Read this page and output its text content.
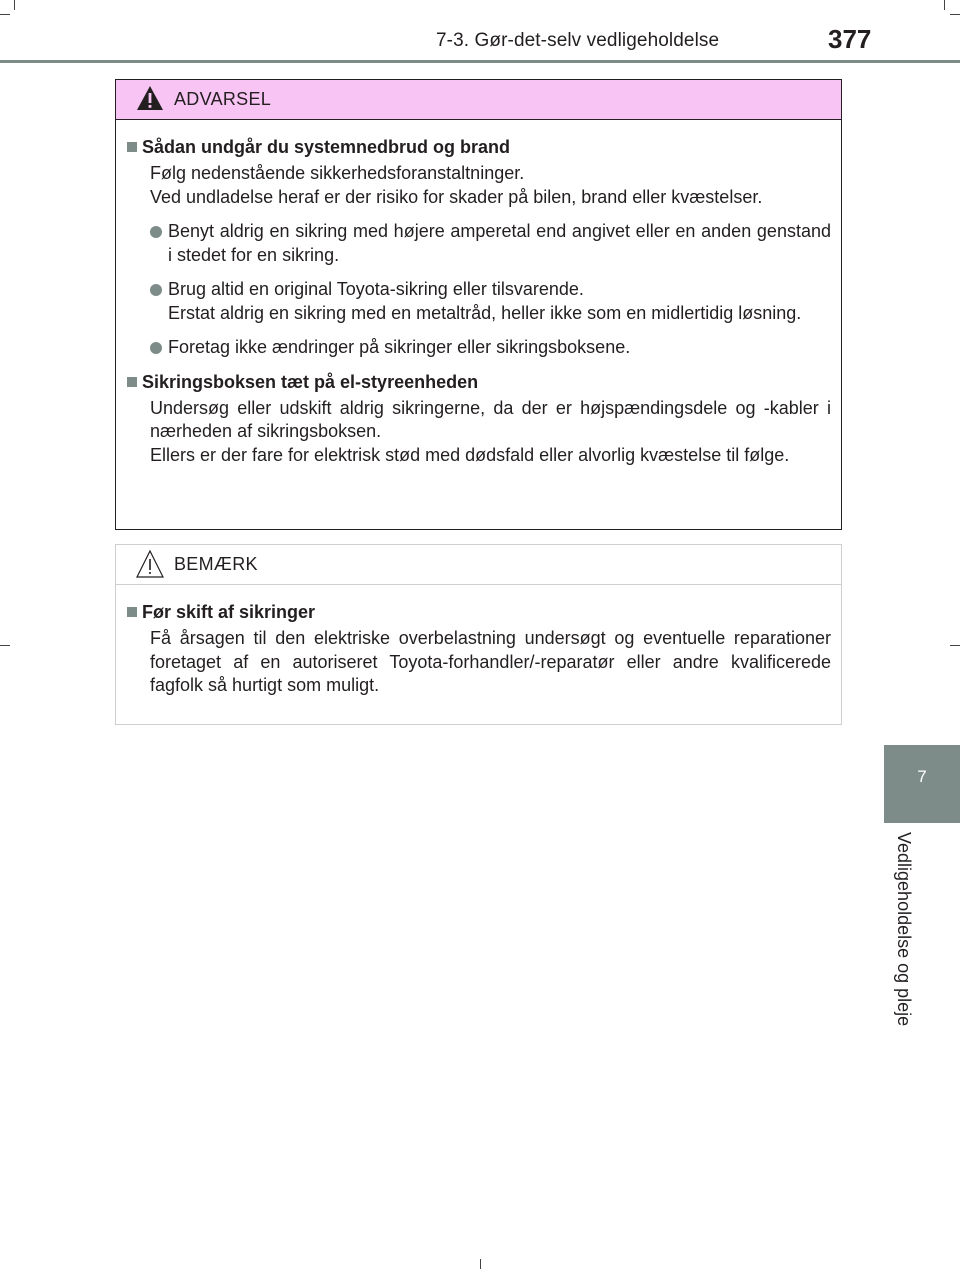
7-3. Gør-det-selv vedligeholdelse	377
7
Vedligeholdelse og pleje
ADVARSEL
Sådan undgår du systemnedbrud og brand
Følg nedenstående sikkerhedsforanstaltninger.
Ved undladelse heraf er der risiko for skader på bilen, brand eller kvæstelser.
Benyt aldrig en sikring med højere amperetal end angivet eller en anden genstand i stedet for en sikring.
Brug altid en original Toyota-sikring eller tilsvarende.
Erstat aldrig en sikring med en metaltråd, heller ikke som en midlertidig løsning.
Foretag ikke ændringer på sikringer eller sikringsboksene.
Sikringsboksen tæt på el-styreenheden
Undersøg eller udskift aldrig sikringerne, da der er højspændingsdele og -kabler i nærheden af sikringsboksen.
Ellers er der fare for elektrisk stød med dødsfald eller alvorlig kvæstelse til følge.
BEMÆRK
Før skift af sikringer
Få årsagen til den elektriske overbelastning undersøgt og eventuelle reparationer foretaget af en autoriseret Toyota-forhandler/-reparatør eller andre kvalificerede fagfolk så hurtigt som muligt.
